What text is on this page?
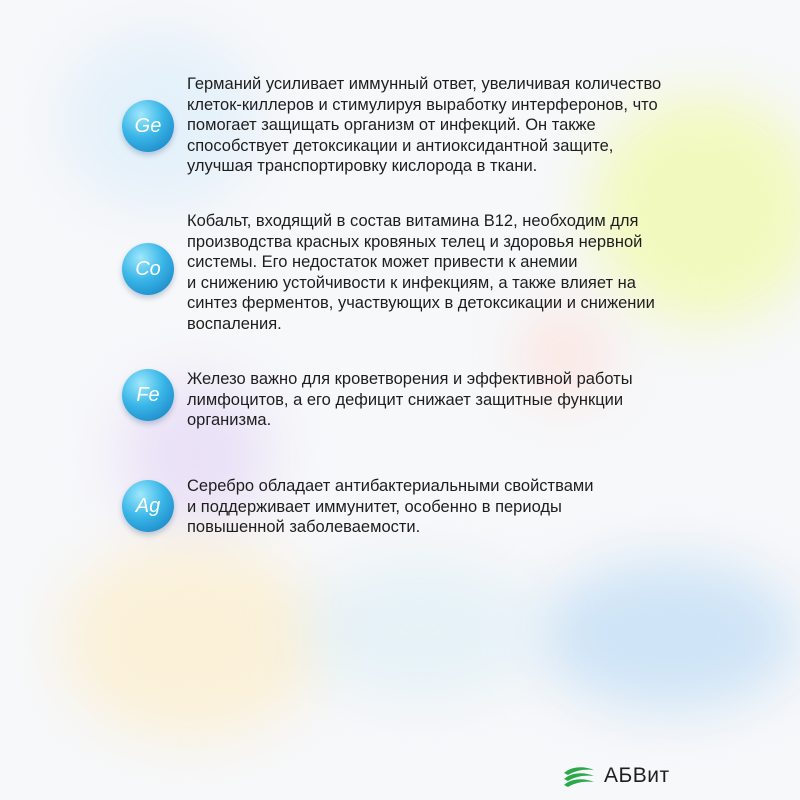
Ge

Германий усиливает иммунный ответ, увеличивая количество
клеток-киллеров и стимулируя выработку интерферонов, что
помогает защищать организм от инфекций. Он также
способствует детоксикации и антиоксидантной защите,
улучшая транспортировку кислорода в ткани.

Co

Кобальт, входящий в состав витамина B12, необходим для
производства красных кровяных телец и здоровья нервной
системы. Его недостаток может привести к анемии
и снижению устойчивости к инфекциям, а также влияет на
синтез ферментов, участвующих в детоксикации и снижении
воспаления.

Fe

Железо важно для кроветворения и эффективной работы
лимфоцитов, а его дефицит снижает защитные функции
организма.

Ag

Серебро обладает антибактериальными свойствами
и поддерживает иммунитет, особенно в периоды
повышенной заболеваемости.

АБВит
